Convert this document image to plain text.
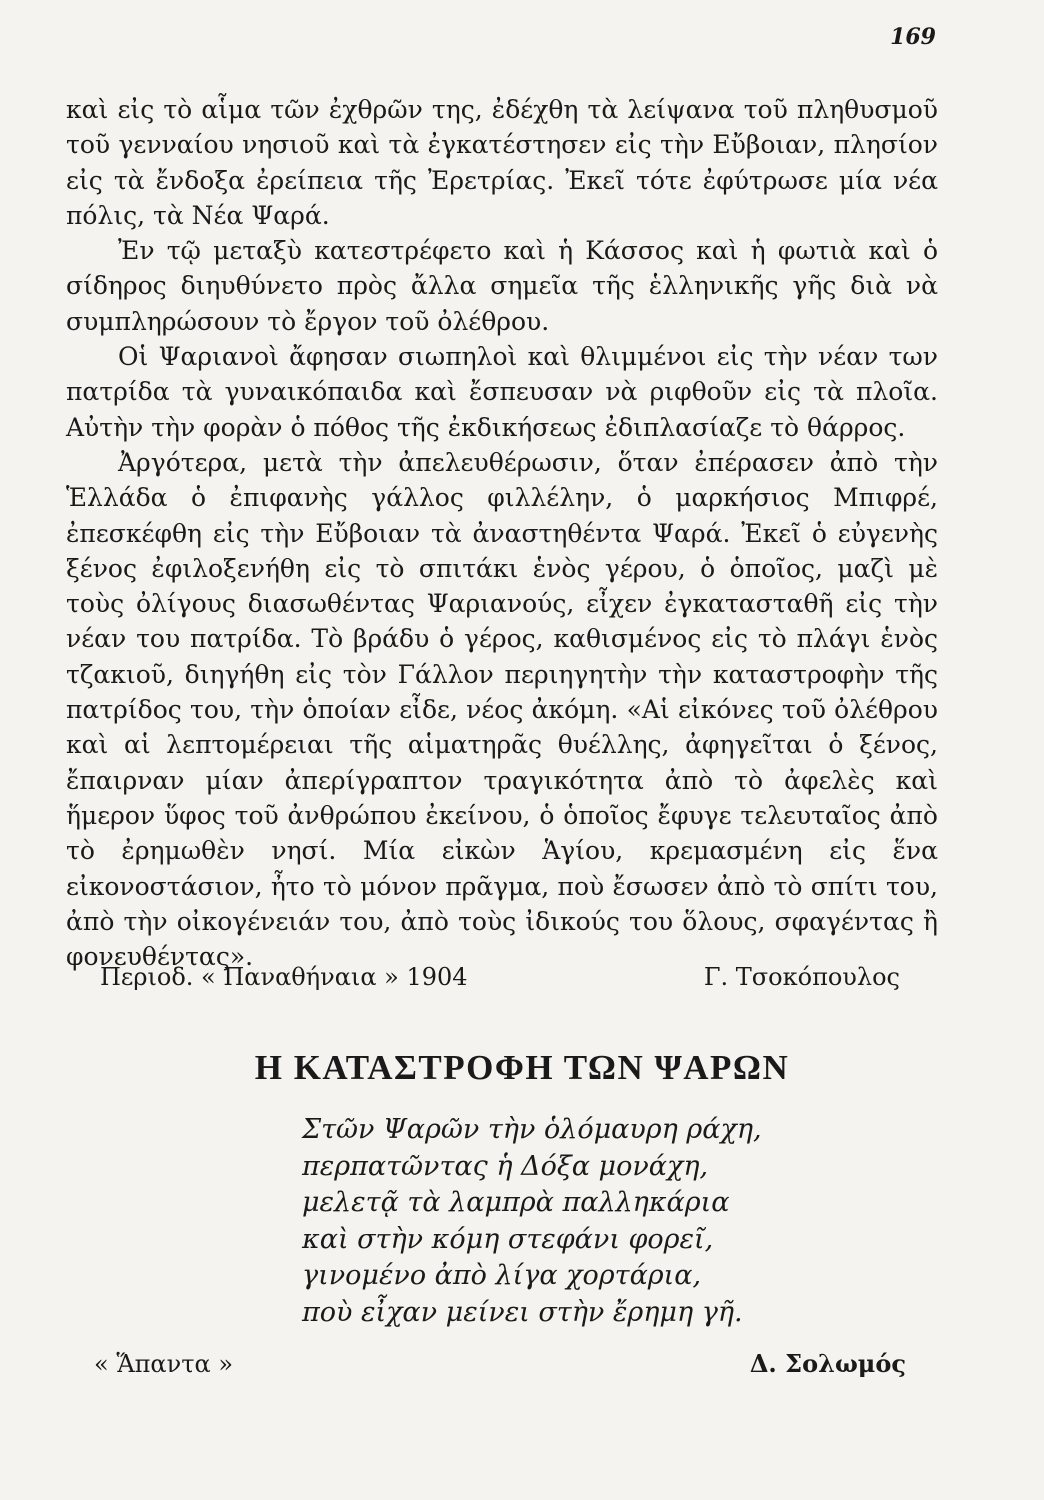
169

καὶ εἰς τὸ αἷμα τῶν ἐχθρῶν της, ἐδέχθη τὰ λείψανα τοῦ πληθυσμοῦ τοῦ γενναίου νησιοῦ καὶ τὰ ἐγκατέστησεν εἰς τὴν Εὔβοιαν, πλησίον εἰς τὰ ἔνδοξα ἐρείπεια τῆς Ἐρετρίας. Ἐκεῖ τότε ἐφύτρωσε μία νέα πόλις, τὰ Νέα Ψαρά.

Ἐν τῷ μεταξὺ κατεστρέφετο καὶ ἡ Κάσσος καὶ ἡ φωτιὰ καὶ ὁ σίδηρος διηυθύνετο πρὸς ἄλλα σημεῖα τῆς ἑλληνικῆς γῆς διὰ νὰ συμπληρώσουν τὸ ἔργον τοῦ ὀλέθρου.

Οἱ Ψαριανοὶ ἄφησαν σιωπηλοὶ καὶ θλιμμένοι εἰς τὴν νέαν των πατρίδα τὰ γυναικόπαιδα καὶ ἔσπευσαν νὰ ριφθοῦν εἰς τὰ πλοῖα. Αὐτὴν τὴν φορὰν ὁ πόθος τῆς ἐκδικήσεως ἐδιπλασίαζε τὸ θάρρος.

Ἀργότερα, μετὰ τὴν ἀπελευθέρωσιν, ὅταν ἐπέρασεν ἀπὸ τὴν Ἑλλάδα ὁ ἐπιφανὴς γάλλος φιλλέλην, ὁ μαρκήσιος Μπιφρέ, ἐπεσκέφθη εἰς τὴν Εὔβοιαν τὰ ἀναστηθέντα Ψαρά. Ἐκεῖ ὁ εὐγενὴς ξένος ἐφιλοξενήθη εἰς τὸ σπιτάκι ἑνὸς γέρου, ὁ ὁποῖος, μαζὶ μὲ τοὺς ὀλίγους διασωθέντας Ψαριανούς, εἶχεν ἐγκατασταθῆ εἰς τὴν νέαν του πατρίδα. Τὸ βράδυ ὁ γέρος, καθισμένος εἰς τὸ πλάγι ἑνὸς τζακιοῦ, διηγήθη εἰς τὸν Γάλλον περιηγητὴν τὴν καταστροφὴν τῆς πατρίδος του, τὴν ὁποίαν εἶδε, νέος ἀκόμη. «Αἱ εἰκόνες τοῦ ὀλέθρου καὶ αἱ λεπτομέρειαι τῆς αἱματηρᾶς θυέλλης, ἀφηγεῖται ὁ ξένος, ἔπαιρναν μίαν ἀπερίγραπτον τραγικότητα ἀπὸ τὸ ἀφελὲς καὶ ἥμερον ὕφος τοῦ ἀνθρώπου ἐκείνου, ὁ ὁποῖος ἔφυγε τελευταῖος ἀπὸ τὸ ἐρημωθὲν νησί. Μία εἰκὼν Ἁγίου, κρεμασμένη εἰς ἕνα εἰκονοστάσιον, ἦτο τὸ μόνον πρᾶγμα, ποὺ ἔσωσεν ἀπὸ τὸ σπίτι του, ἀπὸ τὴν οἰκογένειάν του, ἀπὸ τοὺς ἰδικούς του ὅλους, σφαγέντας ἢ φονευθέντας».

Περιοδ. « Παναθήναια » 1904	Γ. Τσοκόπουλος
Η ΚΑΤΑΣΤΡΟΦΗ ΤΩΝ ΨΑΡΩΝ
Στῶν Ψαρῶν τὴν ὁλόμαυρη ράχη,
περπατῶντας ἡ Δόξα μονάχη,
μελετᾷ τὰ λαμπρὰ παλληκάρια
καὶ στὴν κόμη στεφάνι φορεῖ,
γινομένο ἀπὸ λίγα χορτάρια,
ποὺ εἶχαν μείνει στὴν ἔρημη γῆ.
« Ἅπαντα »	Δ. Σολωμός
